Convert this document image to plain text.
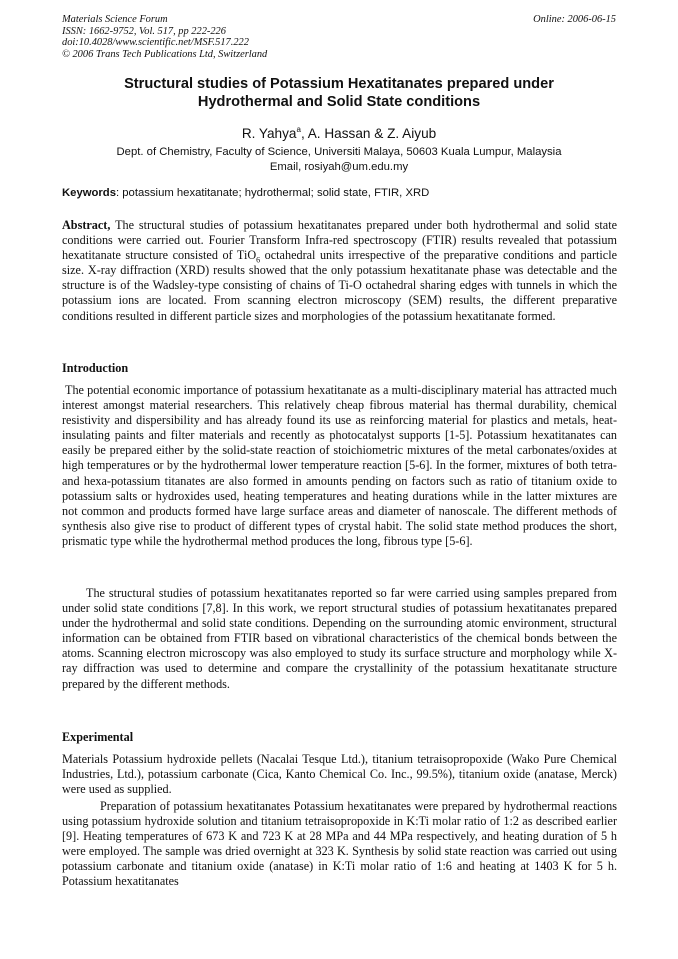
Materials Science Forum
ISSN: 1662-9752, Vol. 517, pp 222-226
doi:10.4028/www.scientific.net/MSF.517.222
© 2006 Trans Tech Publications Ltd, Switzerland
Online: 2006-06-15
Structural studies of Potassium Hexatitanates prepared under
Hydrothermal and Solid State conditions
R. Yahya$^a$, A. Hassan & Z. Aiyub
Dept. of Chemistry, Faculty of Science, Universiti Malaya, 50603 Kuala Lumpur, Malaysia
Email, rosiyah@um.edu.my
Keywords: potassium hexatitanate; hydrothermal; solid state, FTIR, XRD

Abstract, The structural studies of potassium hexatitanates prepared under both hydrothermal and solid state conditions were carried out. Fourier Transform Infra-red spectroscopy (FTIR) results revealed that potassium hexatitanate structure consisted of TiO$_6$ octahedral units irrespective of the preparative conditions and particle size. X-ray diffraction (XRD) results showed that the only potassium hexatitanate phase was detectable and the structure is of the Wadsley-type consisting of chains of Ti-O octahedral sharing edges with tunnels in which the potassium ions are located. From scanning electron microscopy (SEM) results, the different preparative conditions resulted in different particle sizes and morphologies of the potassium hexatitanate formed.

Introduction

The potential economic importance of potassium hexatitanate as a multi-disciplinary material has attracted much interest amongst material researchers. This relatively cheap fibrous material has thermal durability, chemical resistivity and dispersibility and has already found its use as reinforcing material for plastics and metals, heat-insulating paints and filter materials and recently as photocatalyst supports [1-5]. Potassium hexatitanates can easily be prepared either by the solid-state reaction of stoichiometric mixtures of the metal carbonates/oxides at high temperatures or by the hydrothermal lower temperature reaction [5-6]. In the former, mixtures of both tetra- and hexa-potassium titanates are also formed in amounts pending on factors such as ratio of titanium oxide to potassium salts or hydroxides used, heating temperatures and heating durations while in the latter mixtures are not common and products formed have large surface areas and diameter of nanoscale. The different methods of synthesis also give rise to product of different types of crystal habit. The solid state method produces the short, prismatic type while the hydrothermal method produces the long, fibrous type [5-6].

The structural studies of potassium hexatitanates reported so far were carried using samples prepared from under solid state conditions [7,8]. In this work, we report structural studies of potassium hexatitanates prepared under the hydrothermal and solid state conditions. Depending on the surrounding atomic environment, structural information can be obtained from FTIR based on vibrational characteristics of the chemical bonds between the atoms. Scanning electron microscopy was also employed to study its surface structure and morphology while X-ray diffraction was used to determine and compare the crystallinity of the potassium hexatitanate structure prepared by the different methods.

Experimental

Materials Potassium hydroxide pellets (Nacalai Tesque Ltd.), titanium tetraisopropoxide (Wako Pure Chemical Industries, Ltd.), potassium carbonate (Cica, Kanto Chemical Co. Inc., 99.5%), titanium oxide (anatase, Merck) were used as supplied.

Preparation of potassium hexatitanates Potassium hexatitanates were prepared by hydrothermal reactions using potassium hydroxide solution and titanium tetraisopropoxide in K:Ti molar ratio of 1:2 as described earlier [9]. Heating temperatures of 673 K and 723 K at 28 MPa and 44 MPa respectively, and heating duration of 5 h were employed. The sample was dried overnight at 323 K. Synthesis by solid state reaction was carried out using potassium carbonate and titanium oxide (anatase) in K:Ti molar ratio of 1:6 and heating at 1403 K for 5 h. Potassium hexatitanates
